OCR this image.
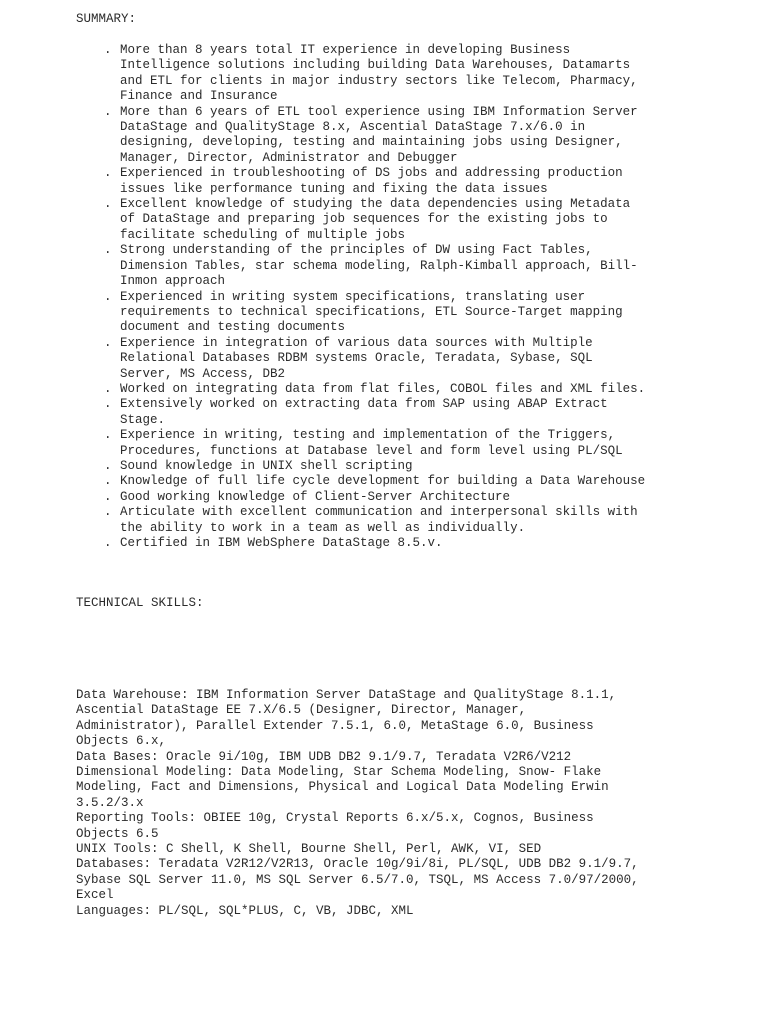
SUMMARY:
. More than 8 years total IT experience in developing Business
Intelligence solutions including building Data Warehouses, Datamarts
and ETL for clients in major industry sectors like Telecom, Pharmacy,
Finance and Insurance
. More than 6 years of ETL tool experience using IBM Information Server
DataStage and QualityStage 8.x, Ascential DataStage 7.x/6.0 in
designing, developing, testing and maintaining jobs using Designer,
Manager, Director, Administrator and Debugger
. Experienced in troubleshooting of DS jobs and addressing production
issues like performance tuning and fixing the data issues
. Excellent knowledge of studying the data dependencies using Metadata
of DataStage and preparing job sequences for the existing jobs to
facilitate scheduling of multiple jobs
. Strong understanding of the principles of DW using Fact Tables,
Dimension Tables, star schema modeling, Ralph-Kimball approach, Bill-
Inmon approach
. Experienced in writing system specifications, translating user
requirements to technical specifications, ETL Source-Target mapping
document and testing documents
. Experience in integration of various data sources with Multiple
Relational Databases RDBM systems Oracle, Teradata, Sybase, SQL
Server, MS Access, DB2
. Worked on integrating data from flat files, COBOL files and XML files.
. Extensively worked on extracting data from SAP using ABAP Extract
Stage.
. Experience in writing, testing and implementation of the Triggers,
Procedures, functions at Database level and form level using PL/SQL
. Sound knowledge in UNIX shell scripting
. Knowledge of full life cycle development for building a Data Warehouse
. Good working knowledge of Client-Server Architecture
. Articulate with excellent communication and interpersonal skills with
the ability to work in a team as well as individually.
. Certified in IBM WebSphere DataStage 8.5.v.
TECHNICAL SKILLS:
Data Warehouse: IBM Information Server DataStage and QualityStage 8.1.1,
Ascential DataStage EE 7.X/6.5 (Designer, Director, Manager,
Administrator), Parallel Extender 7.5.1, 6.0, MetaStage 6.0, Business
Objects 6.x,
Data Bases: Oracle 9i/10g, IBM UDB DB2 9.1/9.7, Teradata V2R6/V212
Dimensional Modeling: Data Modeling, Star Schema Modeling, Snow- Flake
Modeling, Fact and Dimensions, Physical and Logical Data Modeling Erwin
3.5.2/3.x
Reporting Tools: OBIEE 10g, Crystal Reports 6.x/5.x, Cognos, Business
Objects 6.5
UNIX Tools: C Shell, K Shell, Bourne Shell, Perl, AWK, VI, SED
Databases: Teradata V2R12/V2R13, Oracle 10g/9i/8i, PL/SQL, UDB DB2 9.1/9.7,
Sybase SQL Server 11.0, MS SQL Server 6.5/7.0, TSQL, MS Access 7.0/97/2000,
Excel
Languages: PL/SQL, SQL*PLUS, C, VB, JDBC, XML
